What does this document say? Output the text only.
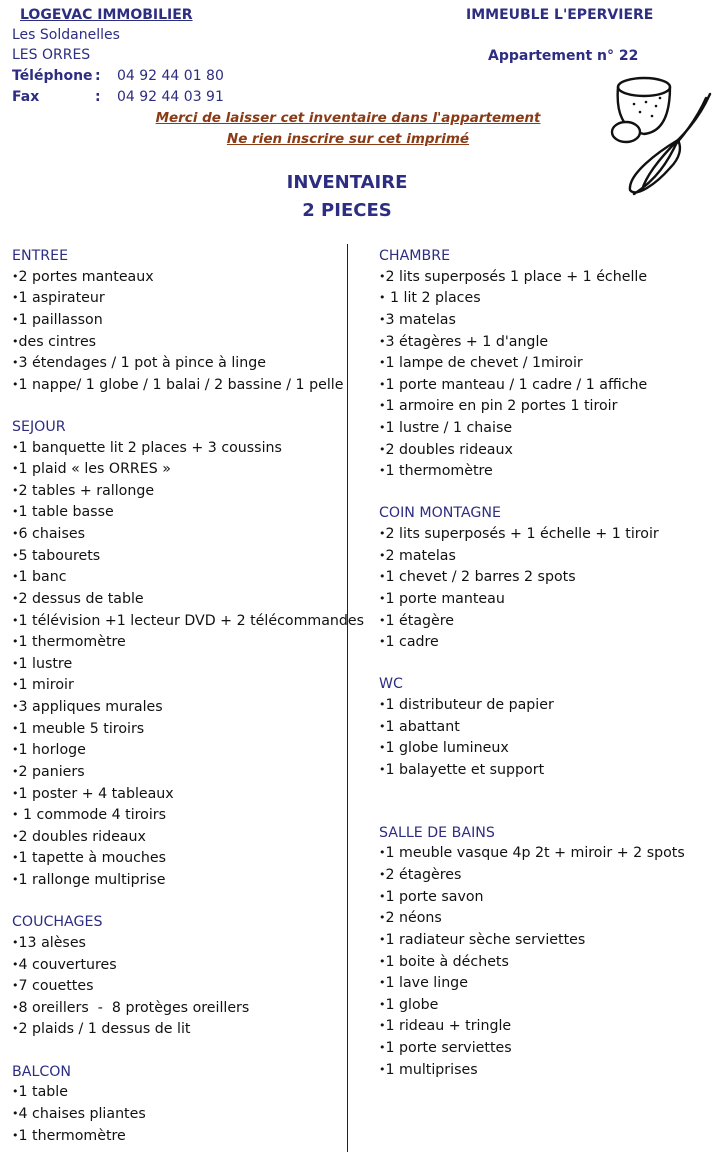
LOGEVAC IMMOBILIER
Les Soldanelles
LES ORRES
Téléphone : 04 92 44 01 80
Fax	: 04 92 44 03 91
IMMEUBLE L'EPERVIERE
Appartement n° 22
Merci de laisser cet inventaire dans l'appartement
Ne rien inscrire sur cet imprimé
INVENTAIRE
2 PIECES
ENTREE
• 2 portes manteaux
• 1 aspirateur
• 1 paillasson
• des cintres
• 3 étendages / 1 pot à pince à linge
• 1 nappe/ 1 globe / 1 balai / 2 bassine / 1 pelle
SEJOUR
• 1 banquette lit 2 places + 3 coussins
• 1 plaid « les ORRES »
• 2 tables + rallonge
• 1 table basse
• 6 chaises
• 5 tabourets
• 1 banc
• 2 dessus de table
• 1 télévision +1 lecteur DVD + 2 télécommandes
• 1 thermomètre
• 1 lustre
• 1 miroir
• 3 appliques murales
• 1 meuble 5 tiroirs
• 1 horloge
• 2 paniers
• 1 poster + 4 tableaux
• 1 commode 4 tiroirs
• 2 doubles rideaux
• 1 tapette à mouches
• 1 rallonge multiprise
COUCHAGES
• 13 alèses
• 4 couvertures
• 7 couettes
• 8 oreillers  -  8 protèges oreillers
• 2 plaids / 1 dessus de lit
BALCON
• 1 table
• 4 chaises pliantes
• 1 thermomètre
CHAMBRE
• 2 lits superposés 1 place + 1 échelle
•  1 lit 2 places
• 3 matelas
• 3 étagères + 1 d'angle
• 1 lampe de chevet / 1miroir
• 1 porte manteau / 1 cadre / 1 affiche
• 1 armoire en pin 2 portes 1 tiroir
• 1 lustre / 1 chaise
• 2 doubles rideaux
• 1 thermomètre
COIN MONTAGNE
• 2 lits superposés + 1 échelle + 1 tiroir
• 2 matelas
• 1 chevet / 2 barres 2 spots
• 1 porte manteau
• 1 étagère
• 1 cadre
WC
• 1 distributeur de papier
• 1 abattant
• 1 globe lumineux
• 1 balayette et support
SALLE DE BAINS
• 1 meuble vasque 4p 2t + miroir + 2 spots
• 2 étagères
• 1 porte savon
• 2 néons
• 1 radiateur sèche serviettes
• 1 boite à déchets
• 1 lave linge
• 1 globe
• 1 rideau + tringle
• 1 porte serviettes
• 1 multiprises
